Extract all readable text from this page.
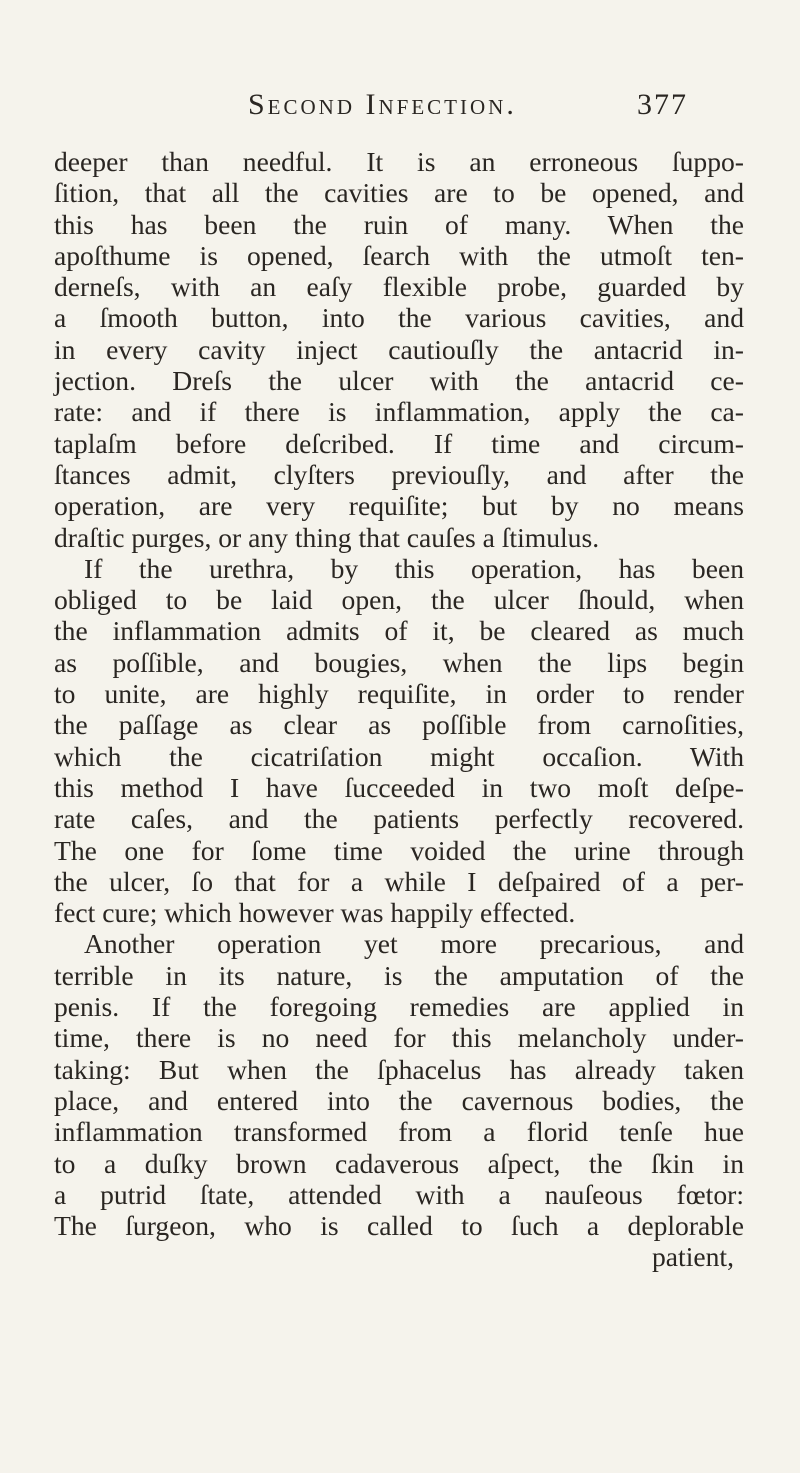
Second Infection.	377
deeper than needful. It is an erroneous ſuppo-
ſition, that all the cavities are to be opened, and
this has been the ruin of many. When the
apoſthume is opened, ſearch with the utmoſt ten-
derneſs, with an eaſy flexible probe, guarded by
a ſmooth button, into the various cavities, and
in every cavity inject cautiouſly the antacrid in-
jection. Dreſs the ulcer with the antacrid ce-
rate: and if there is inflammation, apply the ca-
taplaſm before deſcribed. If time and circum-
ſtances admit, clyſters previouſly, and after the
operation, are very requiſite; but by no means
draſtic purges, or any thing that cauſes a ſtimulus.
If the urethra, by this operation, has been
obliged to be laid open, the ulcer ſhould, when
the inflammation admits of it, be cleared as much
as poſſible, and bougies, when the lips begin
to unite, are highly requiſite, in order to render
the paſſage as clear as poſſible from carnoſities,
which the cicatriſation might occaſion. With
this method I have ſucceeded in two moſt deſpe-
rate caſes, and the patients perfectly recovered.
The one for ſome time voided the urine through
the ulcer, ſo that for a while I deſpaired of a per-
fect cure; which however was happily effected.
Another operation yet more precarious, and
terrible in its nature, is the amputation of the
penis. If the foregoing remedies are applied in
time, there is no need for this melancholy under-
taking: But when the ſphacelus has already taken
place, and entered into the cavernous bodies, the
inflammation transformed from a florid tenſe hue
to a duſky brown cadaverous aſpect, the ſkin in
a putrid ſtate, attended with a nauſeous fœtor:
The ſurgeon, who is called to ſuch a deplorable
patient,
